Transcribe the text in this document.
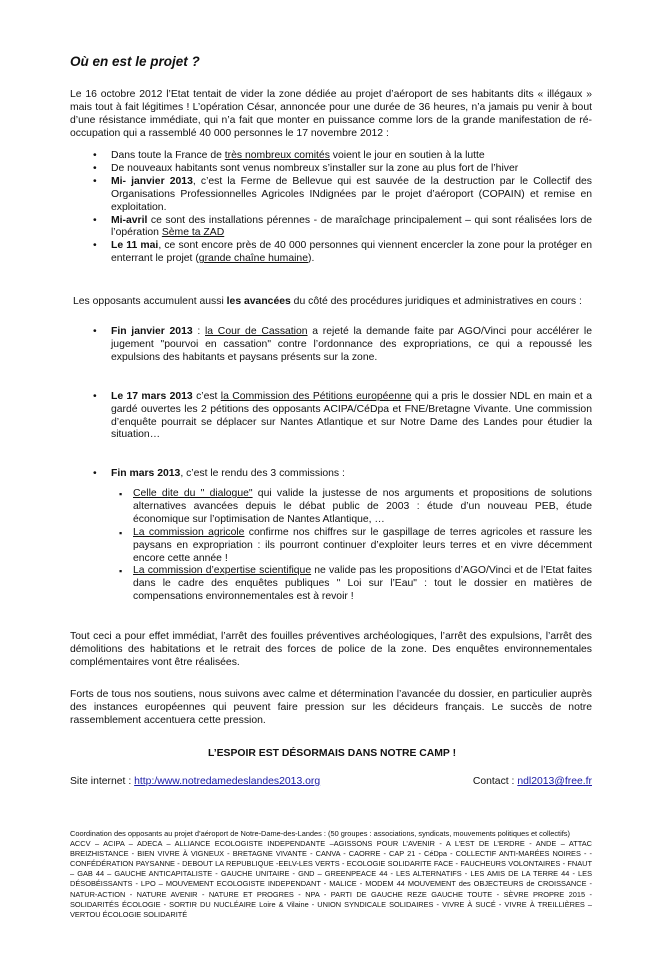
Où en est le projet ?

Le 16 octobre 2012 l’Etat tentait de vider la zone dédiée au projet d’aéroport de ses habitants dits « illégaux » mais tout à fait légitimes ! L’opération César, annoncée pour une durée de 36 heures, n’a jamais pu venir à bout d’une résistance immédiate, qui n’a fait que monter en puissance comme lors de la grande manifestation de ré-occupation qui a rassemblé 40 000 personnes le 17 novembre 2012 :

• Dans toute la France de très nombreux comités voient le jour en soutien à la lutte
• De nouveaux habitants sont venus nombreux s’installer sur la zone au plus fort de l’hiver
• Mi- janvier 2013, c’est la Ferme de Bellevue qui est sauvée de la destruction par le Collectif des Organisations Professionnelles Agricoles INdignées par le projet d’aéroport (COPAIN) et remise en exploitation.
• Mi-avril ce sont des installations pérennes - de maraîchage principalement – qui sont réalisées lors de l’opération Sème ta ZAD
• Le 11 mai, ce sont encore près de 40 000 personnes qui viennent encercler la zone pour la protéger en enterrant le projet (grande chaîne humaine).

Les opposants accumulent aussi les avancées du côté des procédures juridiques et administratives en cours :

• Fin janvier 2013 : la Cour de Cassation a rejeté la demande faite par AGO/Vinci pour accélérer le jugement "pourvoi en cassation" contre l’ordonnance des expropriations, ce qui a repoussé les expulsions des habitants et paysans présents sur la zone.
• Le 17 mars 2013 c’est la Commission des Pétitions européenne qui a pris le dossier NDL en main et a gardé ouvertes les 2 pétitions des opposants ACIPA/CéDpa et FNE/Bretagne Vivante. Une commission d’enquête pourrait se déplacer sur Nantes Atlantique et sur Notre Dame des Landes pour étudier la situation…
• Fin mars 2013, c’est le rendu des 3 commissions :
▪ Celle dite du " dialogue" qui valide la justesse de nos arguments et propositions de solutions alternatives avancées depuis le débat public de 2003 : étude d’un nouveau PEB, étude économique sur l’optimisation de Nantes Atlantique, …
▪ La commission agricole confirme nos chiffres sur le gaspillage de terres agricoles et rassure les paysans en expropriation : ils pourront continuer d’exploiter leurs terres et en vivre décemment encore cette année !
▪ La commission d’expertise scientifique ne valide pas les propositions d’AGO/Vinci et de l’Etat faites dans le cadre des enquêtes publiques " Loi sur l’Eau" : tout le dossier en matières de compensations environnementales est à revoir !

Tout ceci a pour effet immédiat, l’arrêt des fouilles préventives archéologiques, l’arrêt des expulsions, l’arrêt des démolitions des habitations et le retrait des forces de police de la zone. Des enquêtes environnementales complémentaires vont être réalisées.

Forts de tous nos soutiens, nous suivons avec calme et détermination l’avancée du dossier, en particulier auprès des instances européennes qui peuvent faire pression sur les décideurs français. Le succès de notre rassemblement accentuera cette pression.

L’ESPOIR EST DÉSORMAIS DANS NOTRE CAMP !
Site internet : http:/www.notredamedeslandes2013.org	Contact : ndl2013@free.fr

Coordination des opposants au projet d’aéroport de Notre-Dame-des-Landes : (50 groupes : associations, syndicats, mouvements politiques et collectifs)
ACCV – ACIPA – ADECA – ALLIANCE ECOLOGISTE INDEPENDANTE –AGISSONS POUR L’AVENIR - A L’EST DE L’ERDRE - ANDE – ATTAC BREIZHISTANCE - BIEN VIVRE À VIGNEUX - BRETAGNE VIVANTE - CANVA - CAORRE - CAP 21 - CéDpa - COLLECTIF ANTI-MARÉES NOIRES - - CONFÉDÉRATION PAYSANNE - DEBOUT LA REPUBLIQUE -EELV-LES VERTS - ECOLOGIE SOLIDARITE FACE - FAUCHEURS VOLONTAIRES - FNAUT – GAB 44 – GAUCHE ANTICAPITALISTE - GAUCHE UNITAIRE - GND – GREENPEACE 44 - LES ALTERNATIFS - LES AMIS DE LA TERRE 44 - LES DÉSOBÉISSANTS - LPO – MOUVEMENT ECOLOGISTE INDEPENDANT - MALICE - MODEM 44 MOUVEMENT des OBJECTEURS de CROISSANCE - NATUR-ACTION - NATURE AVENIR - NATURE ET PROGRES - NPA - PARTI DE GAUCHE REZE GAUCHE TOUTE - SÈVRE PROPRE 2015 - SOLIDARITÉS ÉCOLOGIE - SORTIR DU NUCLÉAIRE Loire & Vilaine - UNION SYNDICALE SOLIDAIRES - VIVRE À SUCÉ - VIVRE À TREILLIÈRES – VERTOU ÉCOLOGIE SOLIDARITÉ
